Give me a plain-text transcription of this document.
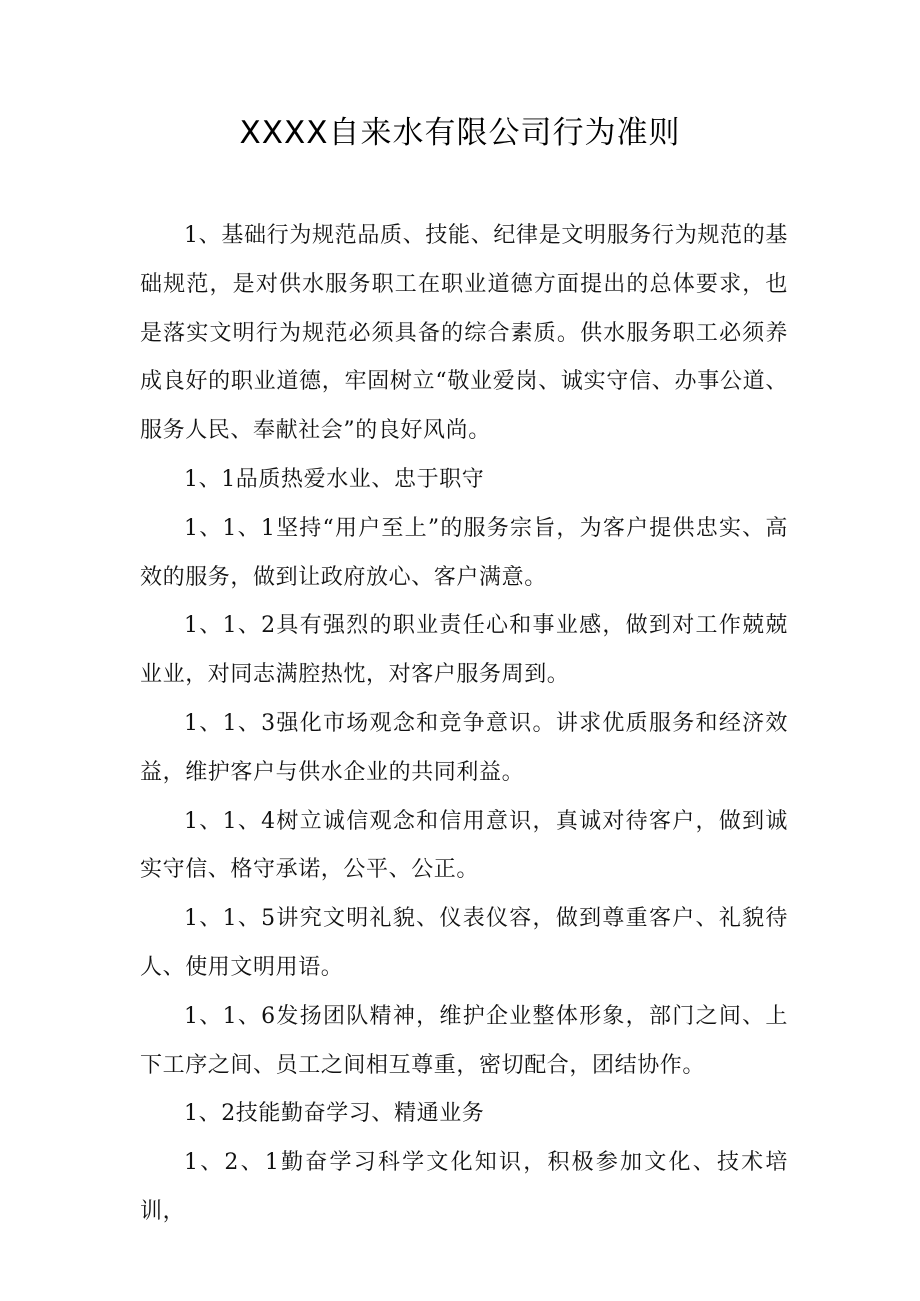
XXXX自来水有限公司行为准则

1、基础行为规范品质、技能、纪律是文明服务行为规范的基础规范，是对供水服务职工在职业道德方面提出的总体要求，也是落实文明行为规范必须具备的综合素质。供水服务职工必须养成良好的职业道德，牢固树立“敬业爱岗、诚实守信、办事公道、服务人民、奉献社会”的良好风尚。

1、1品质热爱水业、忠于职守

1、1、1坚持“用户至上”的服务宗旨，为客户提供忠实、高效的服务，做到让政府放心、客户满意。

1、1、2具有强烈的职业责任心和事业感，做到对工作兢兢业业，对同志满腔热忱，对客户服务周到。

1、1、3强化市场观念和竞争意识。讲求优质服务和经济效益，维护客户与供水企业的共同利益。

1、1、4树立诚信观念和信用意识，真诚对待客户，做到诚实守信、格守承诺，公平、公正。

1、1、5讲究文明礼貌、仪表仪容，做到尊重客户、礼貌待人、使用文明用语。

1、1、6发扬团队精神，维护企业整体形象，部门之间、上下工序之间、员工之间相互尊重，密切配合，团结协作。

1、2技能勤奋学习、精通业务

1、2、1勤奋学习科学文化知识，积极参加文化、技术培训，
